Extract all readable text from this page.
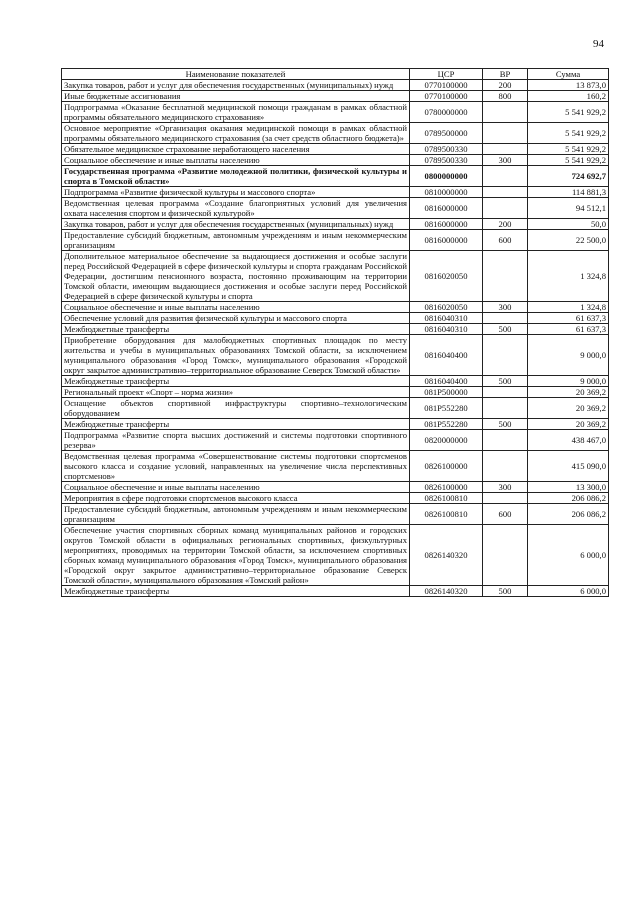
94
Наименование показателей	ЦСР	ВР	Сумма
Закупка товаров, работ и услуг для обеспечения государственных (муниципальных) нужд	0770100000	200	13 873,0
Иные бюджетные ассигнования	0770100000	800	160,2
Подпрограмма «Оказание бесплатной медицинской помощи гражданам в рамках областной программы обязательного медицинского страхования»	0780000000		5 541 929,2
Основное мероприятие «Организация оказания медицинской помощи в рамках областной программы обязательного медицинского страхования (за счет средств областного бюджета)»	0789500000		5 541 929,2
Обязательное медицинское страхование неработающего населения	0789500330		5 541 929,2
Социальное обеспечение и иные выплаты населению	0789500330	300	5 541 929,2
Государственная программа «Развитие молодежной политики, физической культуры и спорта в Томской области»	0800000000		724 692,7
Подпрограмма «Развитие физической культуры и массового спорта»	0810000000		114 881,3
Ведомственная целевая программа «Создание благоприятных условий для увеличения охвата населения спортом и физической культурой»	0816000000		94 512,1
Закупка товаров, работ и услуг для обеспечения государственных (муниципальных) нужд	0816000000	200	50,0
Предоставление субсидий бюджетным, автономным учреждениям и иным некоммерческим организациям	0816000000	600	22 500,0
Дополнительное материальное обеспечение за выдающиеся достижения и особые заслуги перед Российской Федерацией в сфере физической культуры и спорта гражданам Российской Федерации, достигшим пенсионного возраста, постоянно проживающим на территории Томской области, имеющим выдающиеся достижения и особые заслуги перед Российской Федерацией в сфере физической культуры и спорта	0816020050		1 324,8
Социальное обеспечение и иные выплаты населению	0816020050	300	1 324,8
Обеспечение условий для развития физической культуры и массового спорта	0816040310		61 637,3
Межбюджетные трансферты	0816040310	500	61 637,3
Приобретение оборудования для малобюджетных спортивных площадок по месту жительства и учебы в муниципальных образованиях Томской области, за исключением муниципального образования «Город Томск», муниципального образования «Городской округ закрытое административно–территориальное образование Северск Томской области»	0816040400		9 000,0
Межбюджетные трансферты	0816040400	500	9 000,0
Региональный проект «Спорт – норма жизни»	081P500000		20 369,2
Оснащение объектов спортивной инфраструктуры спортивно–технологическим оборудованием	081P552280		20 369,2
Межбюджетные трансферты	081P552280	500	20 369,2
Подпрограмма «Развитие спорта высших достижений и системы подготовки спортивного резерва»	0820000000		438 467,0
Ведомственная целевая программа «Совершенствование системы подготовки спортсменов высокого класса и создание условий, направленных на увеличение числа перспективных спортсменов»	0826100000		415 090,0
Социальное обеспечение и иные выплаты населению	0826100000	300	13 300,0
Мероприятия в сфере подготовки спортсменов высокого класса	0826100810		206 086,2
Предоставление субсидий бюджетным, автономным учреждениям и иным некоммерческим организациям	0826100810	600	206 086,2
Обеспечение участия спортивных сборных команд муниципальных районов и городских округов Томской области в официальных региональных спортивных, физкультурных мероприятиях, проводимых на территории Томской области, за исключением спортивных сборных команд муниципального образования «Город Томск», муниципального образования «Городской округ закрытое административно–территориальное образование Северск Томской области», муниципального образования «Томский район»	0826140320		6 000,0
Межбюджетные трансферты	0826140320	500	6 000,0
